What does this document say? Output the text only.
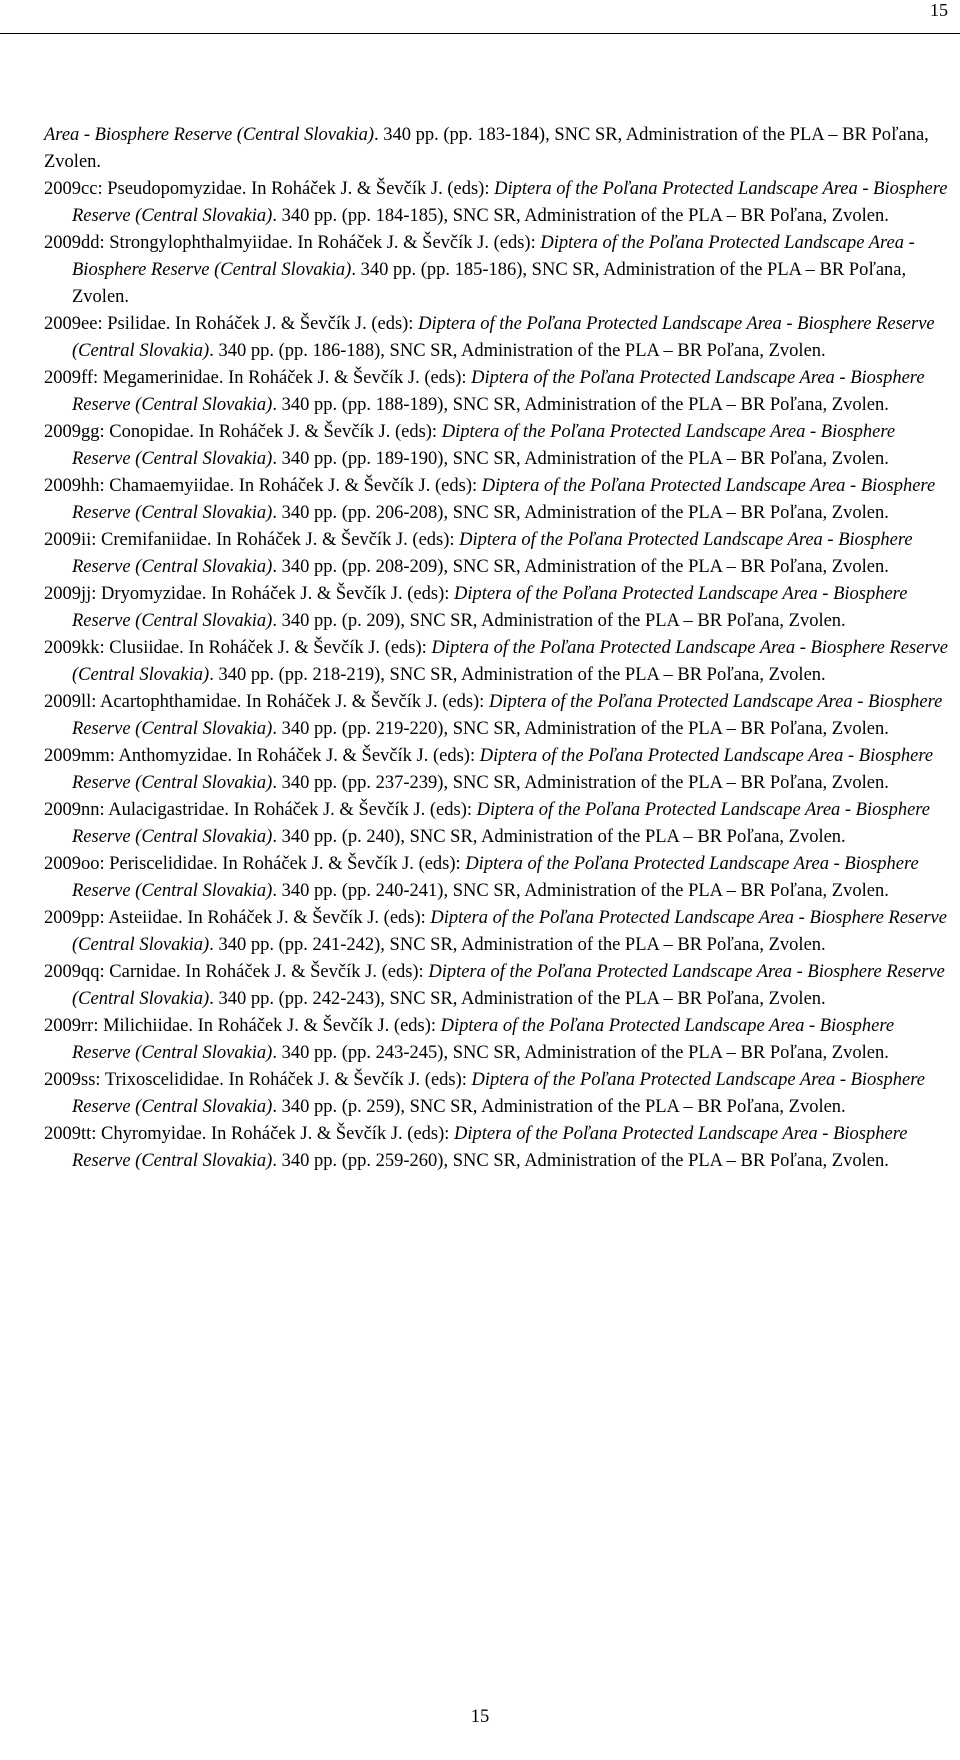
15

Area - Biosphere Reserve (Central Slovakia). 340 pp. (pp. 183-184), SNC SR, Administration of the PLA – BR Poľana, Zvolen.

2009cc: Pseudopomyzidae. In Roháček J. & Ševčík J. (eds): Diptera of the Poľana Protected Landscape Area - Biosphere Reserve (Central Slovakia). 340 pp. (pp. 184-185), SNC SR, Administration of the PLA – BR Poľana, Zvolen.

2009dd: Strongylophthalmyiidae. In Roháček J. & Ševčík J. (eds): Diptera of the Poľana Protected Landscape Area - Biosphere Reserve (Central Slovakia). 340 pp. (pp. 185-186), SNC SR, Administration of the PLA – BR Poľana, Zvolen.

2009ee: Psilidae. In Roháček J. & Ševčík J. (eds): Diptera of the Poľana Protected Landscape Area - Biosphere Reserve (Central Slovakia). 340 pp. (pp. 186-188), SNC SR, Administration of the PLA – BR Poľana, Zvolen.

2009ff: Megamerinidae. In Roháček J. & Ševčík J. (eds): Diptera of the Poľana Protected Landscape Area - Biosphere Reserve (Central Slovakia). 340 pp. (pp. 188-189), SNC SR, Administration of the PLA – BR Poľana, Zvolen.

2009gg: Conopidae. In Roháček J. & Ševčík J. (eds): Diptera of the Poľana Protected Landscape Area - Biosphere Reserve (Central Slovakia). 340 pp. (pp. 189-190), SNC SR, Administration of the PLA – BR Poľana, Zvolen.

2009hh: Chamaemyiidae. In Roháček J. & Ševčík J. (eds): Diptera of the Poľana Protected Landscape Area - Biosphere Reserve (Central Slovakia). 340 pp. (pp. 206-208), SNC SR, Administration of the PLA – BR Poľana, Zvolen.

2009ii: Cremifaniidae. In Roháček J. & Ševčík J. (eds): Diptera of the Poľana Protected Landscape Area - Biosphere Reserve (Central Slovakia). 340 pp. (pp. 208-209), SNC SR, Administration of the PLA – BR Poľana, Zvolen.

2009jj: Dryomyzidae. In Roháček J. & Ševčík J. (eds): Diptera of the Poľana Protected Landscape Area - Biosphere Reserve (Central Slovakia). 340 pp. (p. 209), SNC SR, Administration of the PLA – BR Poľana, Zvolen.

2009kk: Clusiidae. In Roháček J. & Ševčík J. (eds): Diptera of the Poľana Protected Landscape Area - Biosphere Reserve (Central Slovakia). 340 pp. (pp. 218-219), SNC SR, Administration of the PLA – BR Poľana, Zvolen.

2009ll: Acartophthamidae. In Roháček J. & Ševčík J. (eds): Diptera of the Poľana Protected Landscape Area - Biosphere Reserve (Central Slovakia). 340 pp. (pp. 219-220), SNC SR, Administration of the PLA – BR Poľana, Zvolen.

2009mm: Anthomyzidae. In Roháček J. & Ševčík J. (eds): Diptera of the Poľana Protected Landscape Area - Biosphere Reserve (Central Slovakia). 340 pp. (pp. 237-239), SNC SR, Administration of the PLA – BR Poľana, Zvolen.

2009nn: Aulacigastridae. In Roháček J. & Ševčík J. (eds): Diptera of the Poľana Protected Landscape Area - Biosphere Reserve (Central Slovakia). 340 pp. (p. 240), SNC SR, Administration of the PLA – BR Poľana, Zvolen.

2009oo: Periscelididae. In Roháček J. & Ševčík J. (eds): Diptera of the Poľana Protected Landscape Area - Biosphere Reserve (Central Slovakia). 340 pp. (pp. 240-241), SNC SR, Administration of the PLA – BR Poľana, Zvolen.

2009pp: Asteiidae. In Roháček J. & Ševčík J. (eds): Diptera of the Poľana Protected Landscape Area - Biosphere Reserve (Central Slovakia). 340 pp. (pp. 241-242), SNC SR, Administration of the PLA – BR Poľana, Zvolen.

2009qq: Carnidae. In Roháček J. & Ševčík J. (eds): Diptera of the Poľana Protected Landscape Area - Biosphere Reserve (Central Slovakia). 340 pp. (pp. 242-243), SNC SR, Administration of the PLA – BR Poľana, Zvolen.

2009rr: Milichiidae. In Roháček J. & Ševčík J. (eds): Diptera of the Poľana Protected Landscape Area - Biosphere Reserve (Central Slovakia). 340 pp. (pp. 243-245), SNC SR, Administration of the PLA – BR Poľana, Zvolen.

2009ss: Trixoscelididae. In Roháček J. & Ševčík J. (eds): Diptera of the Poľana Protected Landscape Area - Biosphere Reserve (Central Slovakia). 340 pp. (p. 259), SNC SR, Administration of the PLA – BR Poľana, Zvolen.

2009tt: Chyromyidae. In Roháček J. & Ševčík J. (eds): Diptera of the Poľana Protected Landscape Area - Biosphere Reserve (Central Slovakia). 340 pp. (pp. 259-260), SNC SR, Administration of the PLA – BR Poľana, Zvolen.

15
